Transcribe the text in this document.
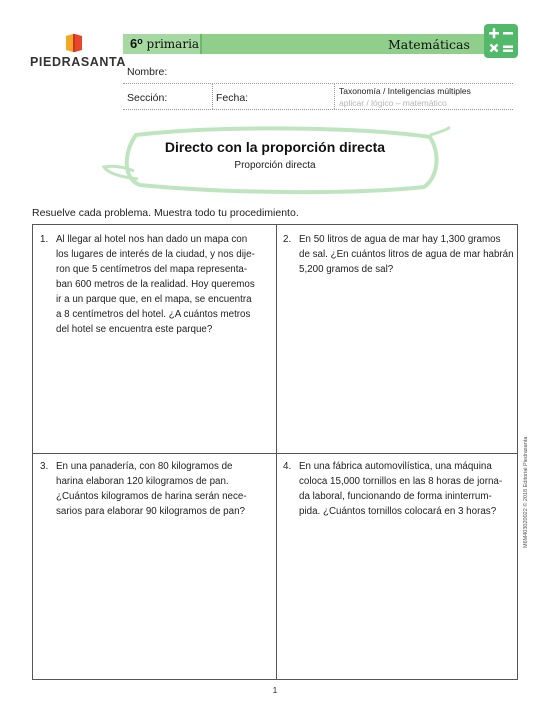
PIEDRASANTA
6$^o$ primaria	Matemáticas
Nombre:
Sección:	Fecha:
Taxonomía / Inteligencias múltiples
aplicar / lógico – matemático
Directo con la proporción directa
Proporción directa
Resuelve cada problema. Muestra todo tu procedimiento.
1. Al llegar al hotel nos han dado un mapa con
los lugares de interés de la ciudad, y nos dije-
ron que 5 centímetros del mapa representa-
ban 600 metros de la realidad. Hoy queremos
ir a un parque que, en el mapa, se encuentra
a 8 centímetros del hotel. ¿A cuántos metros
del hotel se encuentra este parque?
2. En 50 litros de agua de mar hay 1,300 gramos
de sal. ¿En cuántos litros de agua de mar habrán
5,200 gramos de sal?
3. En una panadería, con 80 kilogramos de
harina elaboran 120 kilogramos de pan.
¿Cuántos kilogramos de harina serán nece-
sarios para elaborar 90 kilogramos de pan?
4. En una fábrica automovilística, una máquina
coloca 15,000 tornillos en las 8 horas de jorna-
da laboral, funcionando de forma ininterrum-
pida. ¿Cuántos tornillos colocará en 3 horas?	M6M403020022 © 2018 Editorial Piedrasanta
1
